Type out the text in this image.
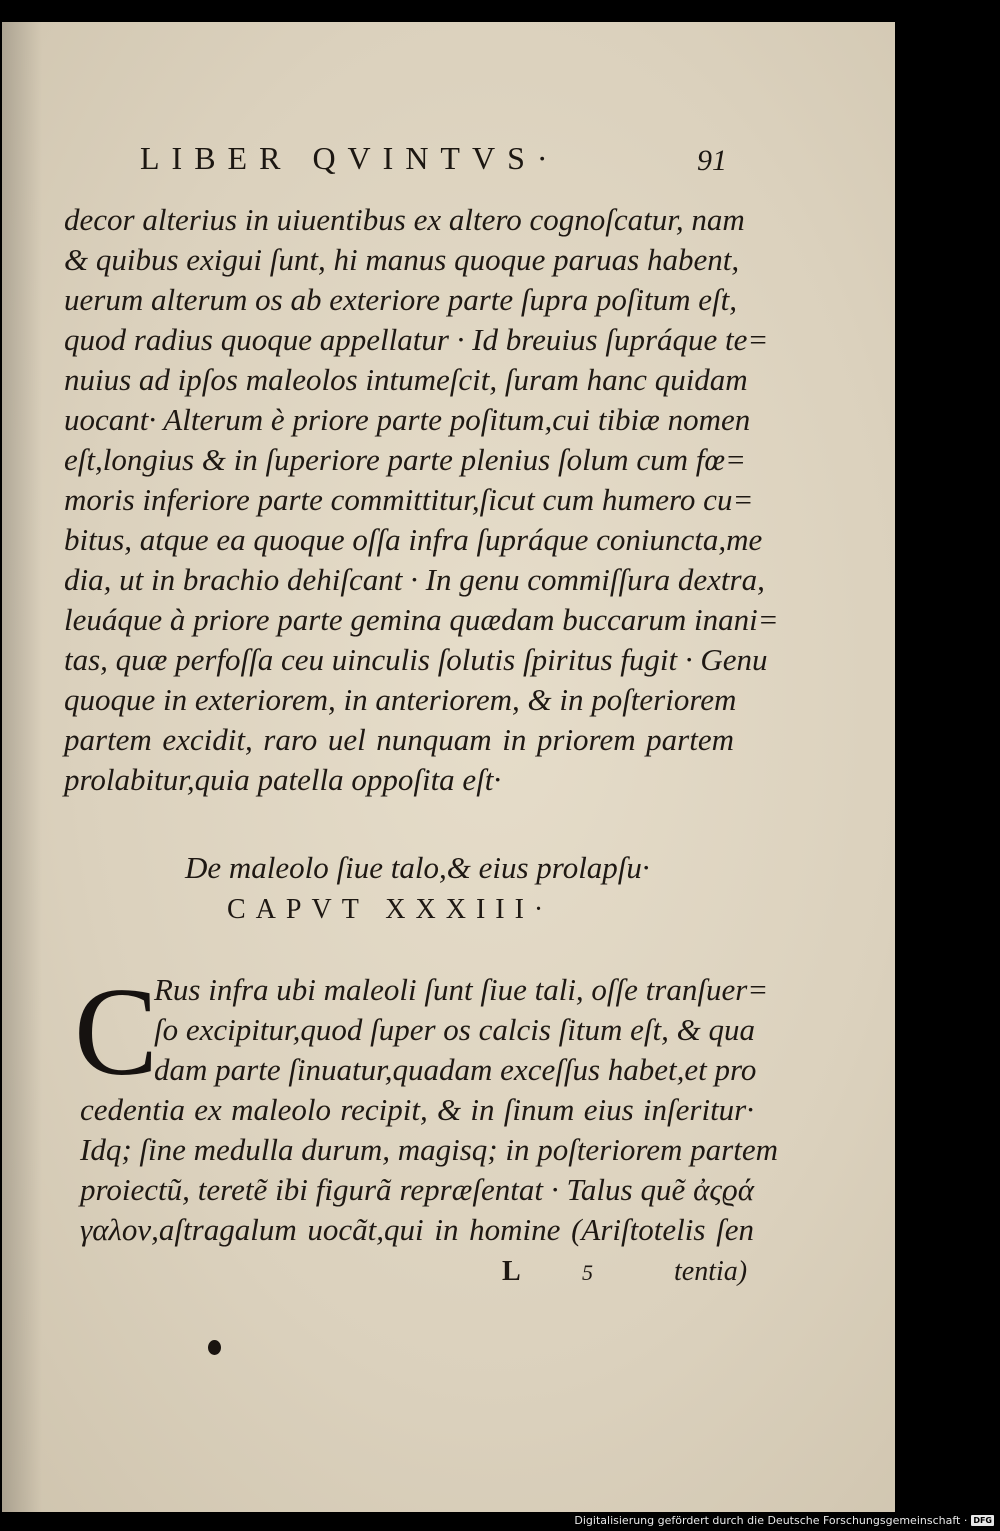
LIBER QVINTVS·	91
decor alterius in uiuentibus ex altero cognoſcatur, nam
& quibus exigui ſunt, hi manus quoque paruas habent,
uerum alterum os ab exteriore parte ſupra poſitum eſt,
quod radius quoque appellatur · Id breuius ſupráque te=
nuius ad ipſos maleolos intumeſcit, ſuram hanc quidam
uocant· Alterum è priore parte poſitum,cui tibiæ nomen
eſt,longius & in ſuperiore parte plenius ſolum cum fœ=
moris inferiore parte committitur,ſicut cum humero cu=
bitus, atque ea quoque oſſa infra ſupráque coniuncta,me
dia, ut in brachio dehiſcant · In genu commiſſura dextra,
leuáque à priore parte gemina quædam buccarum inani=
tas, quæ perfoſſa ceu uinculis ſolutis ſpiritus fugit · Genu
quoque in exteriorem, in anteriorem, & in poſteriorem
partem excidit, raro uel nunquam in priorem partem
prolabitur,quia patella oppoſita eſt·
De maleolo ſiue talo,& eius prolapſu·
CAPVT XXXIII·
C
Rus infra ubi maleoli ſunt ſiue tali, oſſe tranſuer=
ſo excipitur,quod ſuper os calcis ſitum eſt, & qua
dam parte ſinuatur,quadam exceſſus habet,et pro
cedentia ex maleolo recipit, & in ſinum eius inſeritur·
Idq; ſine medulla durum, magisq; in poſteriorem partem
proiectũ, teretẽ ibi figurã repræſentat · Talus quẽ ἀςϱά
γαλον,aſtragalum uocãt,qui in homine (Ariſtotelis ſen
L	5	tentia)
Digitalisierung gefördert durch die Deutsche Forschungsgemeinschaft · DFG
